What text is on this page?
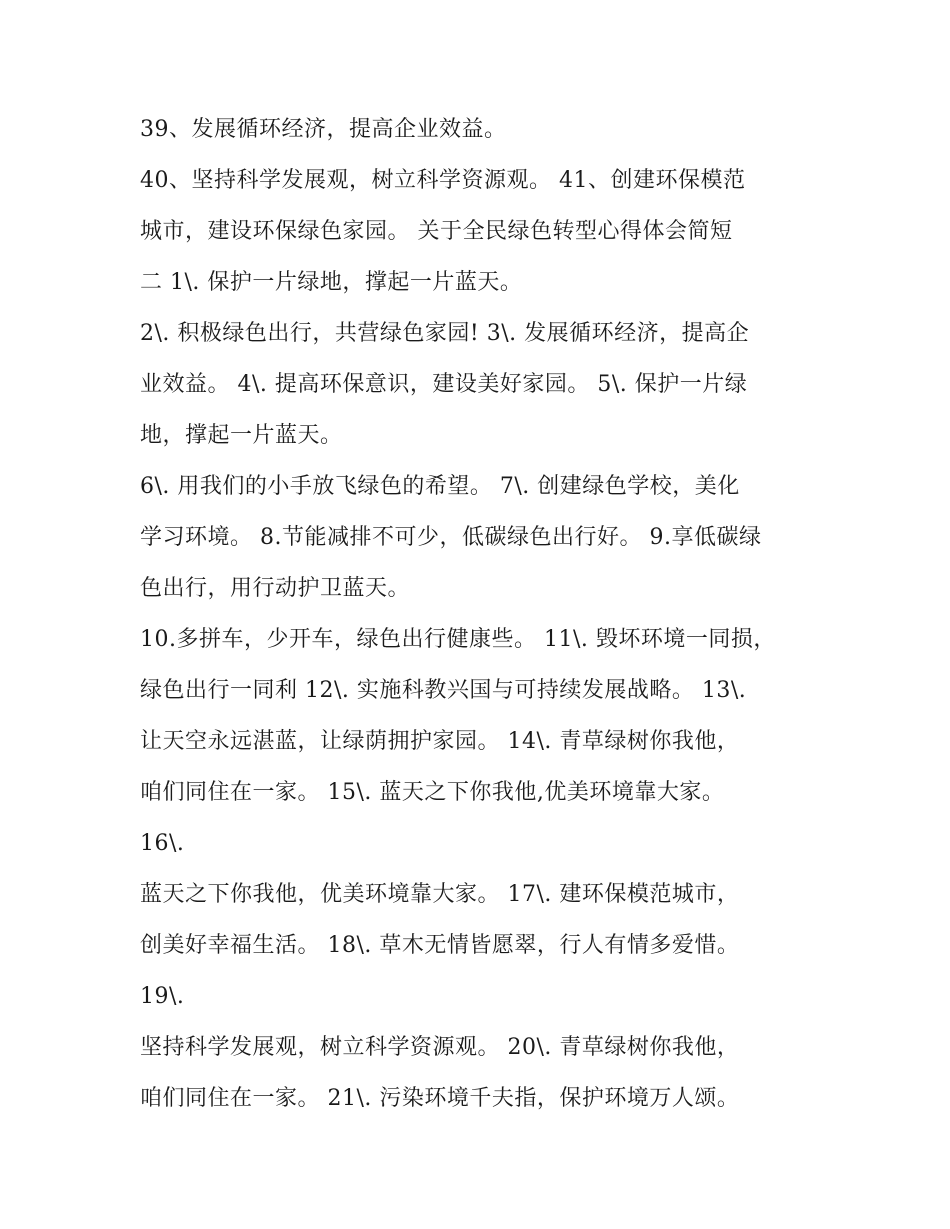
39、发展循环经济，提高企业效益。
40、坚持科学发展观，树立科学资源观。 41、创建环保模范
城市，建设环保绿色家园。 关于全民绿色转型心得体会简短
二 1\. 保护一片绿地，撑起一片蓝天。
2\. 积极绿色出行，共营绿色家园! 3\. 发展循环经济，提高企
业效益。 4\. 提高环保意识，建设美好家园。 5\. 保护一片绿
地，撑起一片蓝天。
6\. 用我们的小手放飞绿色的希望。 7\. 创建绿色学校，美化
学习环境。 8.节能减排不可少，低碳绿色出行好。 9.享低碳绿
色出行，用行动护卫蓝天。
10.多拼车，少开车，绿色出行健康些。 11\. 毁坏环境一同损，
绿色出行一同利 12\. 实施科教兴国与可持续发展战略。 13\.
让天空永远湛蓝，让绿荫拥护家园。 14\. 青草绿树你我他，
咱们同住在一家。 15\. 蓝天之下你我他,优美环境靠大家。
16\.
蓝天之下你我他，优美环境靠大家。 17\. 建环保模范城市，
创美好幸福生活。 18\. 草木无情皆愿翠，行人有情多爱惜。
19\.
坚持科学发展观，树立科学资源观。 20\. 青草绿树你我他，
咱们同住在一家。 21\. 污染环境千夫指，保护环境万人颂。
